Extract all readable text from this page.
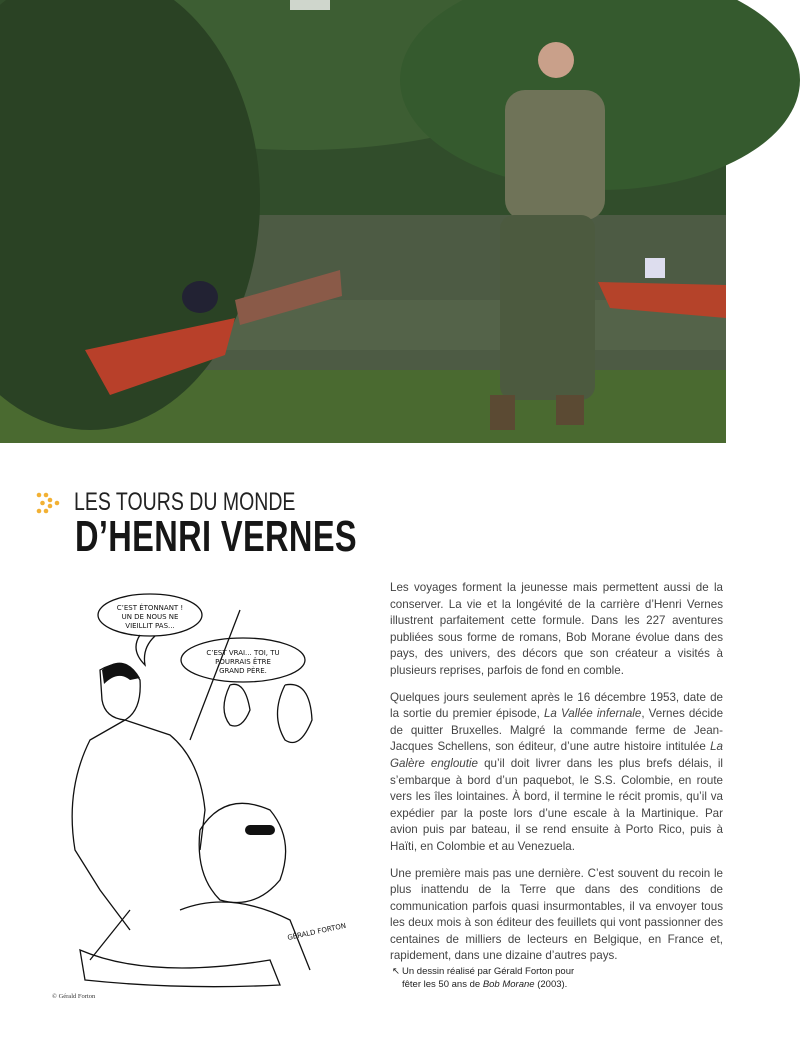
LES TOURS DU MONDE
D’HENRI VERNES
C’EST ÉTONNANT !
UN DE NOUS NE
VIEILLIT PAS...
C’EST VRAI... TOI, TU
POURRAIS ÊTRE
GRAND PÈRE.
GÉRALD FORTON
© Gérald Forton

Les voyages forment la jeunesse mais permettent aussi de la conserver. La vie et la longévité de la carrière d’Henri Vernes illustrent parfaitement cette formule. Dans les 227 aventures publiées sous forme de romans, Bob Morane évolue dans des pays, des univers, des décors que son créateur a visités à plusieurs reprises, parfois de fond en comble.

Quelques jours seulement après le 16 décembre 1953, date de la sortie du premier épisode, La Vallée infernale, Vernes décide de quitter Bruxelles. Malgré la commande ferme de Jean-Jacques Schellens, son éditeur, d’une autre histoire intitulée La Galère engloutie qu’il doit livrer dans les plus brefs délais, il s’embarque à bord d’un paquebot, le S.S. Colombie, en route vers les îles lointaines. À bord, il termine le récit promis, qu’il va expédier par la poste lors d’une escale à la Martinique. Par avion puis par bateau, il se rend ensuite à Porto Rico, puis à Haïti, en Colombie et au Venezuela.

Une première mais pas une dernière. C’est souvent du recoin le plus inattendu de la Terre que dans des conditions de communication parfois quasi insurmontables, il va envoyer tous les deux mois à son éditeur des feuillets qui vont passionner des centaines de milliers de lecteurs en Belgique, en France et, rapidement, dans une dizaine d’autres pays.

↖ Un dessin réalisé par Gérald Forton pour fêter les 50 ans de Bob Morane (2003).
